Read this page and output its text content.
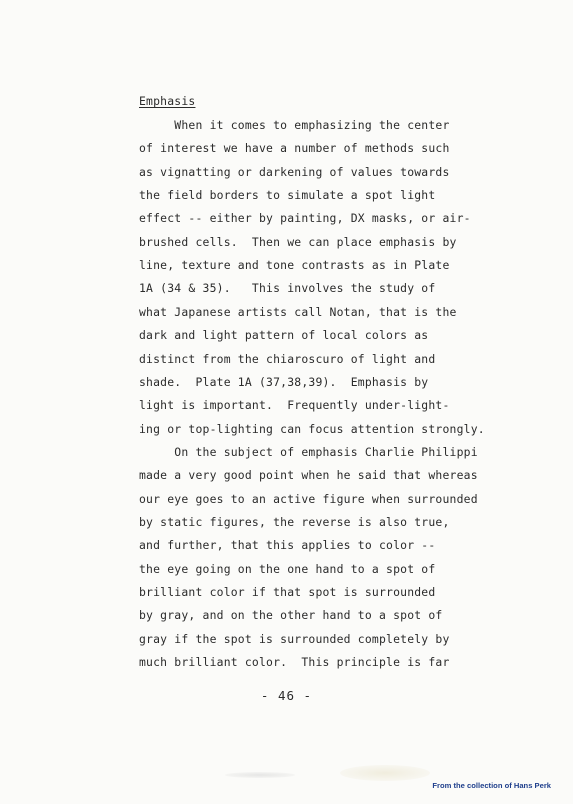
Emphasis
When it comes to emphasizing the center
of interest we have a number of methods such
as vignatting or darkening of values towards
the field borders to simulate a spot light
effect -- either by painting, DX masks, or air-
brushed cells.  Then we can place emphasis by
line, texture and tone contrasts as in Plate
1A (34 & 35).   This involves the study of
what Japanese artists call Notan, that is the
dark and light pattern of local colors as
distinct from the chiaroscuro of light and
shade.  Plate 1A (37,38,39).  Emphasis by
light is important.  Frequently under-light-
ing or top-lighting can focus attention strongly.
On the subject of emphasis Charlie Philippi
made a very good point when he said that whereas
our eye goes to an active figure when surrounded
by static figures, the reverse is also true,
and further, that this applies to color --
the eye going on the one hand to a spot of
brilliant color if that spot is surrounded
by gray, and on the other hand to a spot of
gray if the spot is surrounded completely by
much brilliant color.  This principle is far
- 46 -
From the collection of Hans Perk
